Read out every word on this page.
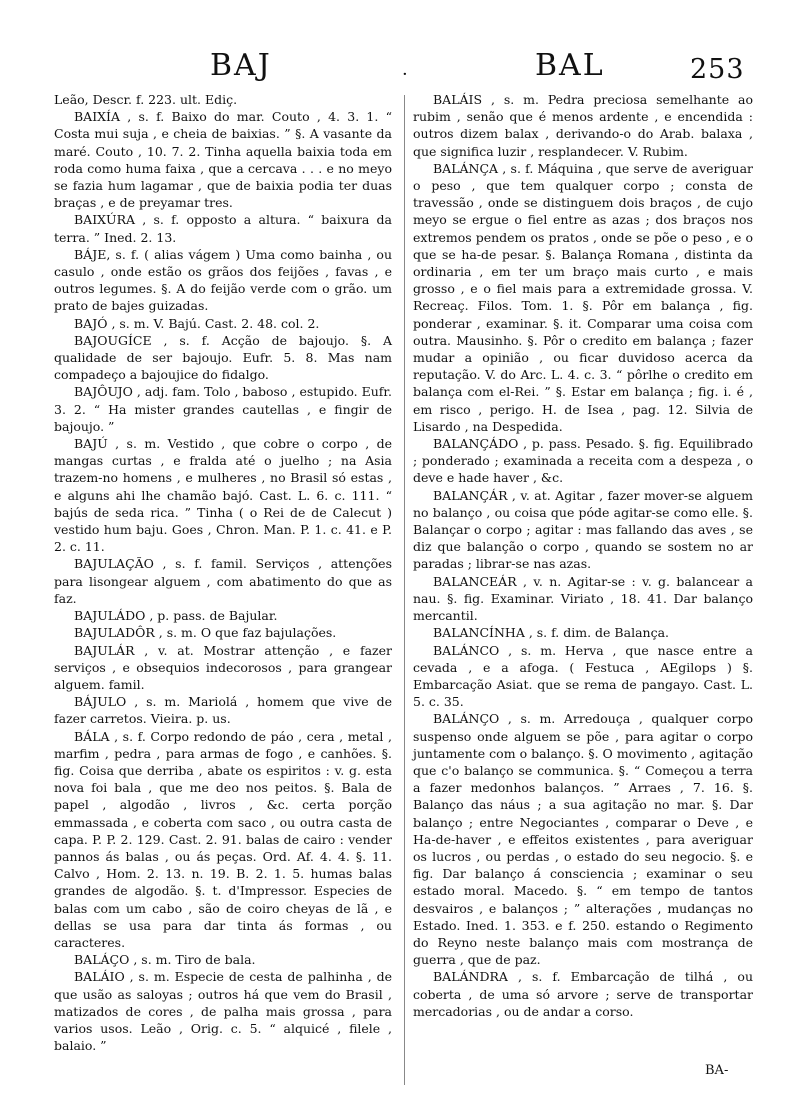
BAJ	·	BAL	253

Leão, Descr. f. 223. ult. Ediç.

BAIXÍA , s. f. Baixo do mar. Couto , 4. 3. 1. “ Costa mui suja , e cheia de baixias. ” §. A vasante da maré. Couto , 10. 7. 2. Tinha aquella baixia toda em roda como huma faixa , que a cercava . . . e no meyo se fazia hum lagamar , que de baixia podia ter duas braças , e de preyamar tres.

BAIXÚRA , s. f. opposto a altura. “ baixura da terra. ” Ined. 2. 13.

BÁJE, s. f. ( alias vágem ) Uma como bainha , ou casulo , onde estão os grãos dos feijões , favas , e outros legumes. §. A do feijão verde com o grão. um prato de bajes guizadas.

BAJÓ , s. m. V. Bajú. Cast. 2. 48. col. 2.

BAJOUGÍCE , s. f. Acção de bajoujo. §. A qualidade de ser bajoujo. Eufr. 5. 8. Mas nam compadeço a bajoujice do fidalgo.

BAJÔUJO , adj. fam. Tolo , baboso , estupido. Eufr. 3. 2. “ Ha mister grandes cautellas , e fingir de bajoujo. ”

BAJÚ , s. m. Vestido , que cobre o corpo , de mangas curtas , e fralda até o juelho ; na Asia trazem-no homens , e mulheres , no Brasil só estas , e alguns ahi lhe chamão bajó. Cast. L. 6. c. 111. “ bajús de seda rica. ” Tinha ( o Rei de de Calecut ) vestido hum baju. Goes , Chron. Man. P. 1. c. 41. e P. 2. c. 11.

BAJULAÇÃO , s. f. famil. Serviços , attenções para lisongear alguem , com abatimento do que as faz.

BAJULÁDO , p. pass. de Bajular.

BAJULADÔR , s. m. O que faz bajulações.

BAJULÁR , v. at. Mostrar attenção , e fazer serviços , e obsequios indecorosos , para grangear alguem. famil.

BÁJULO , s. m. Mariolá , homem que vive de fazer carretos. Vieira. p. us.

BÁLA , s. f. Corpo redondo de páo , cera , metal , marfim , pedra , para armas de fogo , e canhões. §. fig. Coisa que derriba , abate os espiritos : v. g. esta nova foi bala , que me deo nos peitos. §. Bala de papel , algodão , livros , &c. certa porção emmassada , e coberta com saco , ou outra casta de capa. P. P. 2. 129. Cast. 2. 91. balas de cairo : vender pannos ás balas , ou ás peças. Ord. Af. 4. 4. §. 11. Calvo , Hom. 2. 13. n. 19. B. 2. 1. 5. humas balas grandes de algodão. §. t. d'Impressor. Especies de balas com um cabo , são de coiro cheyas de lã , e dellas se usa para dar tinta ás formas , ou caracteres.

BALÁÇO , s. m. Tiro de bala.

BALÁIO , s. m. Especie de cesta de palhinha , de que usão as saloyas ; outros há que vem do Brasil , matizados de cores , de palha mais grossa , para varios usos. Leão , Orig. c. 5. “ alquicé , filele , balaio. ”

BALÁIS , s. m. Pedra preciosa semelhante ao rubim , senão que é menos ardente , e encendida : outros dizem balax , derivando-o do Arab. balaxa , que significa luzir , resplandecer. V. Rubim.

BALÁNÇA , s. f. Máquina , que serve de averiguar o peso , que tem qualquer corpo ; consta de travessão , onde se distinguem dois braços , de cujo meyo se ergue o fiel entre as azas ; dos braços nos extremos pendem os pratos , onde se põe o peso , e o que se ha-de pesar. §. Balança Romana , distinta da ordinaria , em ter um braço mais curto , e mais grosso , e o fiel mais para a extremidade grossa. V. Recreaç. Filos. Tom. 1. §. Pôr em balança , fig. ponderar , examinar. §. it. Comparar uma coisa com outra. Mausinho. §. Pôr o credito em balança ; fazer mudar a opinião , ou ficar duvidoso acerca da reputação. V. do Arc. L. 4. c. 3. “ pôrlhe o credito em balança com el-Rei. ” §. Estar em balança ; fig. i. é , em risco , perigo. H. de Isea , pag. 12. Silvia de Lisardo , na Despedida.

BALANÇÁDO , p. pass. Pesado. §. fig. Equilibrado ; ponderado ; examinada a receita com a despeza , o deve e hade haver , &c.

BALANÇÁR , v. at. Agitar , fazer mover-se alguem no balanço , ou coisa que póde agitar-se como elle. §. Balançar o corpo ; agitar : mas fallando das aves , se diz que balanção o corpo , quando se sostem no ar paradas ; librar-se nas azas.

BALANCEÁR , v. n. Agitar-se : v. g. balancear a nau. §. fig. Examinar. Viriato , 18. 41. Dar balanço mercantil.

BALANCÍNHA , s. f. dim. de Balança.

BALÁNCO , s. m. Herva , que nasce entre a cevada , e a afoga. ( Festuca , AEgilops ) §. Embarcação Asiat. que se rema de pangayo. Cast. L. 5. c. 35.

BALÁNÇO , s. m. Arredouça , qualquer corpo suspenso onde alguem se põe , para agitar o corpo juntamente com o balanço. §. O movimento , agitação que c'o balanço se communica. §. “ Começou a terra a fazer medonhos balanços. ” Arraes , 7. 16. §. Balanço das náus ; a sua agitação no mar. §. Dar balanço ; entre Negociantes , comparar o Deve , e Ha-de-haver , e effeitos existentes , para averiguar os lucros , ou perdas , o estado do seu negocio. §. e fig. Dar balanço á consciencia ; examinar o seu estado moral. Macedo. §. “ em tempo de tantos desvairos , e balanços ; ” alterações , mudanças no Estado. Ined. 1. 353. e f. 250. estando o Regimento do Reyno neste balanço mais com mostrança de guerra , que de paz.

BALÁNDRA , s. f. Embarcação de tilhá , ou coberta , de uma só arvore ; serve de transportar mercadorias , ou de andar a corso.

BA-
